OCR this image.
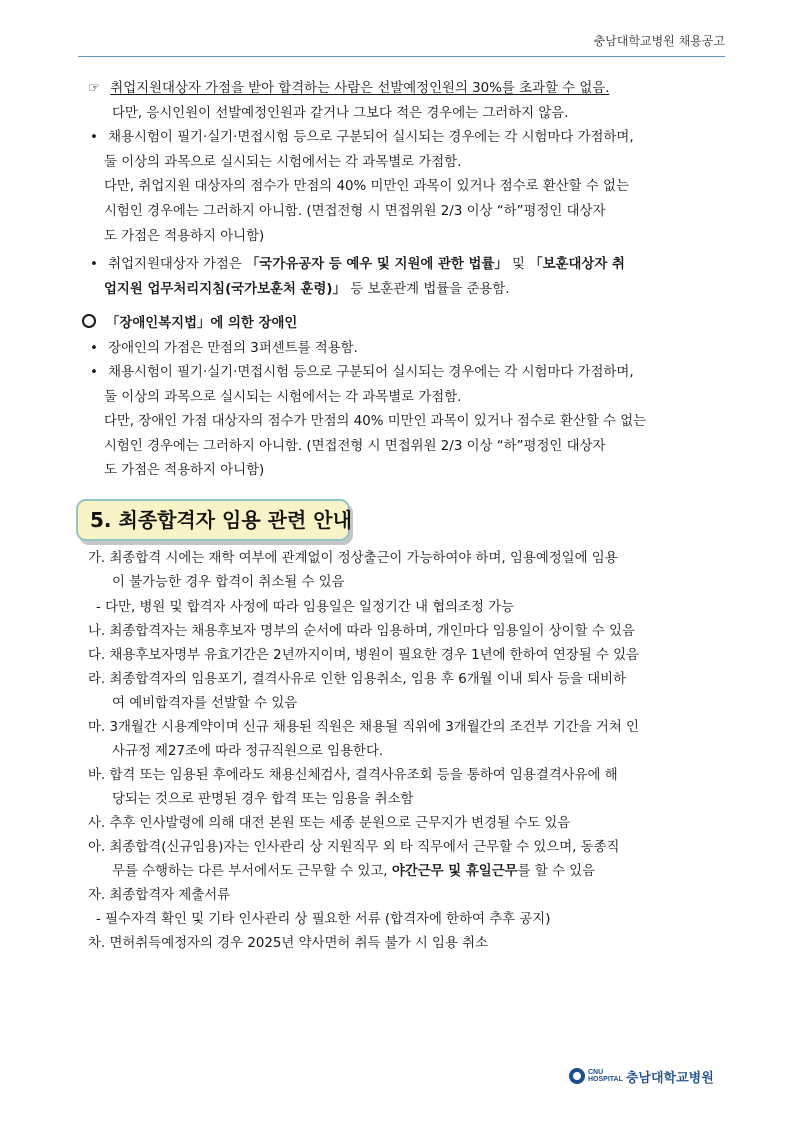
충남대학교병원 채용공고
☞ 취업지원대상자 가점을 받아 합격하는 사람은 선발예정인원의 30%를 초과할 수 없음.
다만, 응시인원이 선발예정인원과 같거나 그보다 적은 경우에는 그러하지 않음.
• 채용시험이 필기·실기·면접시험 등으로 구분되어 실시되는 경우에는 각 시험마다 가점하며,
둘 이상의 과목으로 실시되는 시험에서는 각 과목별로 가점함.
다만, 취업지원 대상자의 점수가 만점의 40% 미만인 과목이 있거나 점수로 환산할 수 없는
시험인 경우에는 그러하지 아니함. (면접전형 시 면접위원 2/3 이상 “하”평정인 대상자
도 가점은 적용하지 아니함)
• 취업지원대상자 가점은 「국가유공자 등 예우 및 지원에 관한 법률」 및 「보훈대상자 취
업지원 업무처리지침(국가보훈처 훈령)」 등 보훈관계 법률을 준용함.
「장애인복지법」에 의한 장애인
• 장애인의 가점은 만점의 3퍼센트를 적용함.
• 채용시험이 필기·실기·면접시험 등으로 구분되어 실시되는 경우에는 각 시험마다 가점하며,
둘 이상의 과목으로 실시되는 시험에서는 각 과목별로 가점함.
다만, 장애인 가점 대상자의 점수가 만점의 40% 미만인 과목이 있거나 점수로 환산할 수 없는
시험인 경우에는 그러하지 아니함. (면접전형 시 면접위원 2/3 이상 “하”평정인 대상자
도 가점은 적용하지 아니함)
5. 최종합격자 임용 관련 안내
가. 최종합격 시에는 재학 여부에 관계없이 정상출근이 가능하여야 하며, 임용예정일에 임용
이 불가능한 경우 합격이 취소될 수 있음
- 다만, 병원 및 합격자 사정에 따라 임용일은 일정기간 내 협의조정 가능
나. 최종합격자는 채용후보자 명부의 순서에 따라 임용하며, 개인마다 임용일이 상이할 수 있음
다. 채용후보자명부 유효기간은 2년까지이며, 병원이 필요한 경우 1년에 한하여 연장될 수 있음
라. 최종합격자의 임용포기, 결격사유로 인한 임용취소, 임용 후 6개월 이내 퇴사 등을 대비하
여 예비합격자를 선발할 수 있음
마. 3개월간 시용계약이며 신규 채용된 직원은 채용될 직위에 3개월간의 조건부 기간을 거쳐 인
사규정 제27조에 따라 정규직원으로 임용한다.
바. 합격 또는 임용된 후에라도 채용신체검사, 결격사유조회 등을 통하여 임용결격사유에 해
당되는 것으로 판명된 경우 합격 또는 임용을 취소함
사. 추후 인사발령에 의해 대전 본원 또는 세종 분원으로 근무지가 변경될 수도 있음
아. 최종합격(신규임용)자는 인사관리 상 지원직무 외 타 직무에서 근무할 수 있으며, 동종직
무를 수행하는 다른 부서에서도 근무할 수 있고, 야간근무 및 휴일근무를 할 수 있음
자. 최종합격자 제출서류
- 필수자격 확인 및 기타 인사관리 상 필요한 서류 (합격자에 한하여 추후 공지)
차. 면허취득예정자의 경우 2025년 약사면허 취득 불가 시 임용 취소
CNU
HOSPITAL 충남대학교병원
